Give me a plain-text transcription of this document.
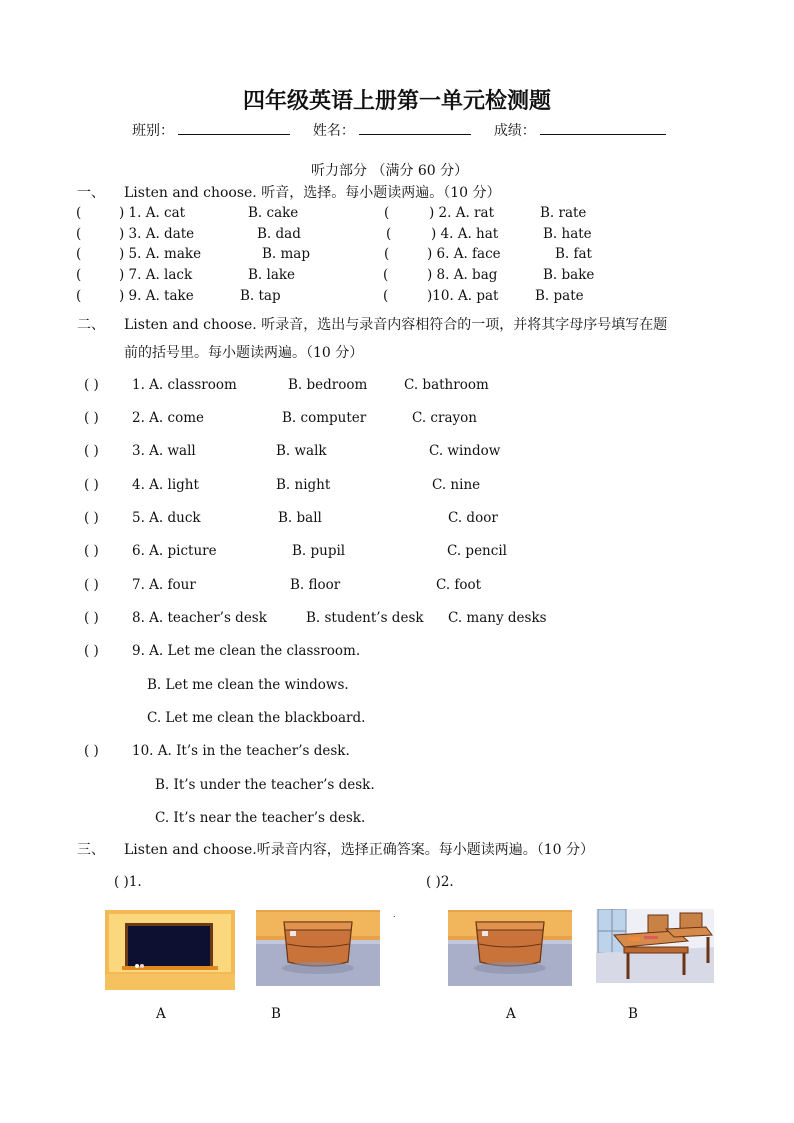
四年级英语上册第一单元检测题
班别：	姓名：	成绩：
听力部分 （满分 60 分）
一、 Listen and choose. 听音，选择。每小题读两遍。（10 分）
(	) 1. A. cat	B. cake	(	) 2. A. rat	B. rate
(	) 3. A. date	B. dad	(	) 4. A. hat	B. hate
(	) 5. A. make	B. map	(	) 6. A. face	B. fat
(	) 7. A. lack	B. lake	(	) 8. A. bag	B. bake
(	) 9. A. take	B. tap	(	)10. A. pat	B. pate
二、 Listen and choose. 听录音，选出与录音内容相符合的一项，并将其字母序号填写在题
前的括号里。每小题读两遍。（10 分）
( ) 1. A. classroom	B. bedroom	C. bathroom
( ) 2. A. come	B. computer	C. crayon
( ) 3. A. wall	B. walk	C. window
( ) 4. A. light	B. night	C. nine
( ) 5. A. duck	B. ball	C. door
( ) 6. A. picture	B. pupil	C. pencil
( ) 7. A. four	B. floor	C. foot
( ) 8. A. teacher’s desk	B. student’s desk C. many desks
( ) 9. A. Let me clean the classroom.
B. Let me clean the windows.
C. Let me clean the blackboard.
( ) 10. A. It’s in the teacher’s desk.
B. It’s under the teacher’s desk.
C. It’s near the teacher’s desk.
三、 Listen and choose.听录音内容，选择正确答案。每小题读两遍。（10 分）
( )1.	( )2.
.
A	B	A	B
